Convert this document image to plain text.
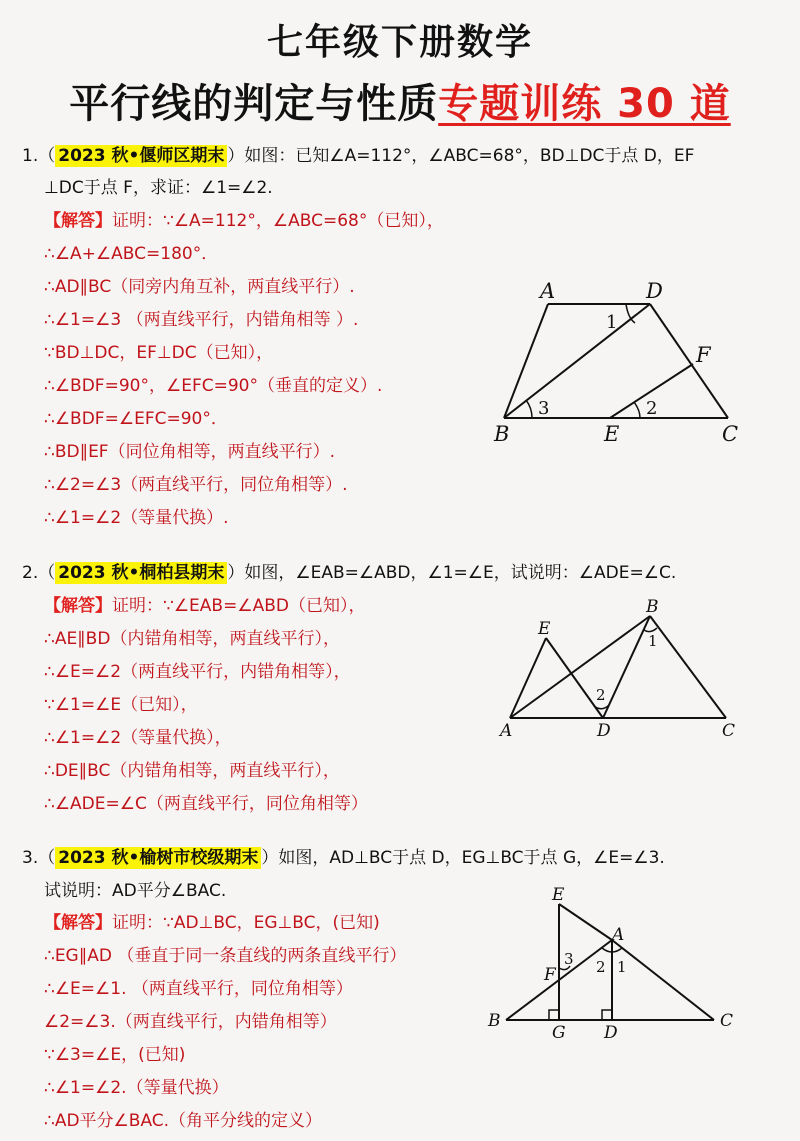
七年级下册数学
平行线的判定与性质专题训练 30 道
1.（ 2023 秋•偃师区期末 ）如图：已知∠A=112°，∠ABC=68°，BD⊥DC于点 D，EF
⊥DC于点 F，求证：∠1=∠2.
【解答】证明：∵∠A=112°，∠ABC=68°（已知），
∴∠A+∠ABC=180°．
∴AD∥BC（同旁内角互补，两直线平行）.
∴∠1=∠3 （两直线平行，内错角相等 ）.
∵BD⊥DC，EF⊥DC（已知），
∴∠BDF=90°，∠EFC=90°（垂直的定义）.
∴∠BDF=∠EFC=90°．
∴BD∥EF（同位角相等，两直线平行）.
∴∠2=∠3（两直线平行，同位角相等）.
∴∠1=∠2（等量代换）.
A	D
F
B	E	C
1
3	2
2.（ 2023 秋•桐柏县期末 ）如图，∠EAB=∠ABD，∠1=∠E，试说明：∠ADE=∠C.
【解答】证明：∵∠EAB=∠ABD（已知），
∴AE∥BD（内错角相等，两直线平行），
∴∠E=∠2（两直线平行，内错角相等），
∵∠1=∠E（已知），
∴∠1=∠2（等量代换），
∴DE∥BC（内错角相等，两直线平行），
∴∠ADE=∠C（两直线平行，同位角相等）
E
B
A	D	C
1
2
3.（ 2023 秋•榆树市校级期末 ）如图，AD⊥BC于点 D，EG⊥BC于点 G，∠E=∠3.
试说明：AD平分∠BAC.
【解答】证明：∵AD⊥BC，EG⊥BC，(已知)
∴EG∥AD （垂直于同一条直线的两条直线平行）
∴∠E=∠1. （两直线平行，同位角相等）
∠2=∠3.（两直线平行，内错角相等）
∵∠3=∠E，(已知)
∴∠1=∠2.（等量代换）
∴AD平分∠BAC.（角平分线的定义）
E
A
F
B
G D
C
3 2 1
